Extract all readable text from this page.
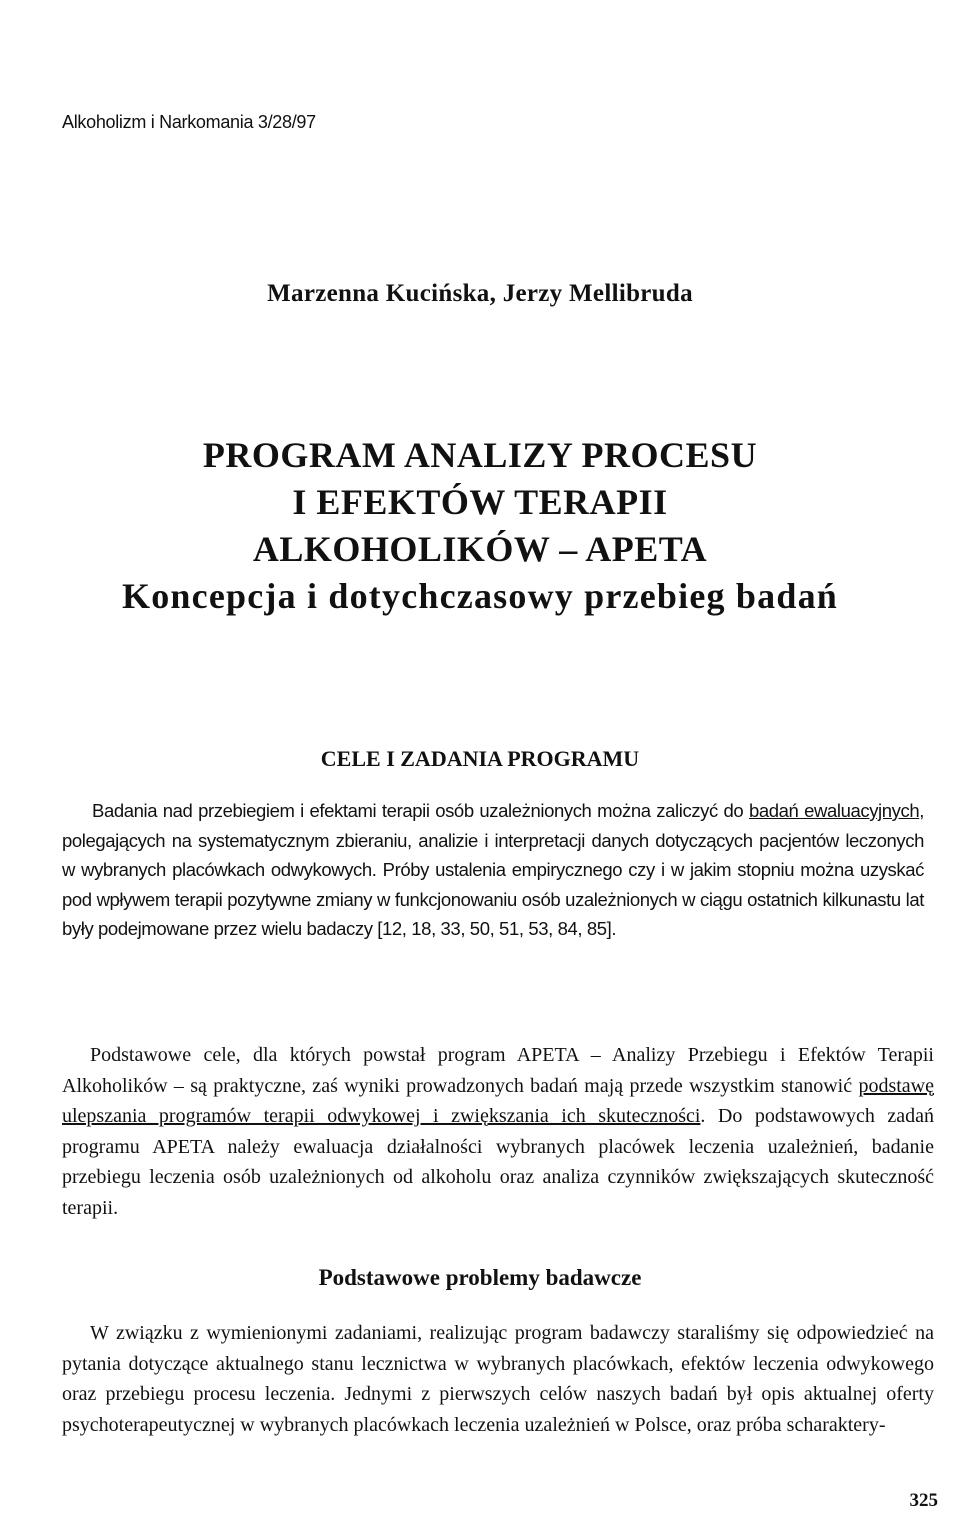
Alkoholizm i Narkomania 3/28/97
Marzenna Kucińska, Jerzy Mellibruda
PROGRAM ANALIZY PROCESU
I EFEKTÓW TERAPII
ALKOHOLIKÓW – APETA
Koncepcja i dotychczasowy przebieg badań
CELE I ZADANIA PROGRAMU

Badania nad przebiegiem i efektami terapii osób uzależnionych można zaliczyć do badań ewaluacyjnych, polegających na systematycznym zbieraniu, analizie i interpretacji danych dotyczących pacjentów leczonych w wybranych placówkach odwykowych. Próby ustalenia empirycznego czy i w jakim stopniu można uzyskać pod wpływem terapii pozytywne zmiany w funkcjonowaniu osób uzależnionych w ciągu ostatnich kilkunastu lat były podejmowane przez wielu badaczy [12, 18, 33, 50, 51, 53, 84, 85].

Podstawowe cele, dla których powstał program APETA – Analizy Przebiegu i Efektów Terapii Alkoholików – są praktyczne, zaś wyniki prowadzonych badań mają przede wszystkim stanowić podstawę ulepszania programów terapii odwykowej i zwiększania ich skuteczności. Do podstawowych zadań programu APETA należy ewaluacja działalności wybranych placówek leczenia uzależnień, badanie przebiegu leczenia osób uzależnionych od alkoholu oraz analiza czynników zwiększających skuteczność terapii.

Podstawowe problemy badawcze

W związku z wymienionymi zadaniami, realizując program badawczy staraliśmy się odpowiedzieć na pytania dotyczące aktualnego stanu lecznictwa w wybranych placówkach, efektów leczenia odwykowego oraz przebiegu procesu leczenia. Jednymi z pierwszych celów naszych badań był opis aktualnej oferty psychoterapeutycznej w wybranych placówkach leczenia uzależnień w Polsce, oraz próba scharaktery-

325
